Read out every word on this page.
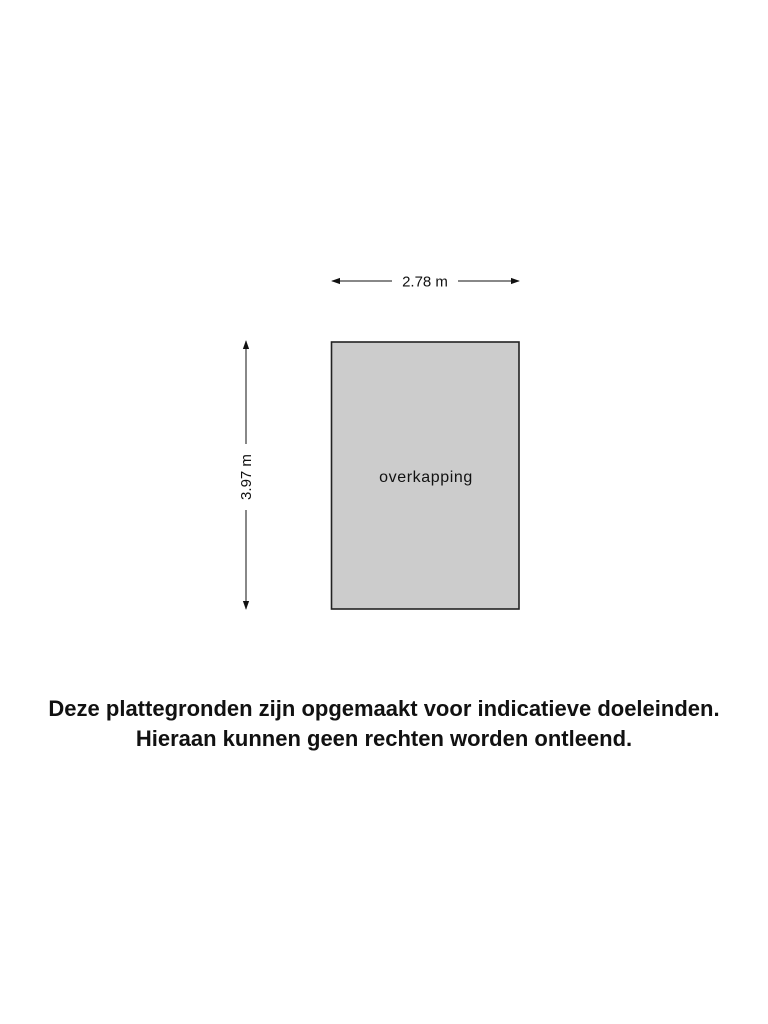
2.78 m
3.97 m	overkapping
Deze plattegronden zijn opgemaakt voor indicatieve doeleinden.
Hieraan kunnen geen rechten worden ontleend.
